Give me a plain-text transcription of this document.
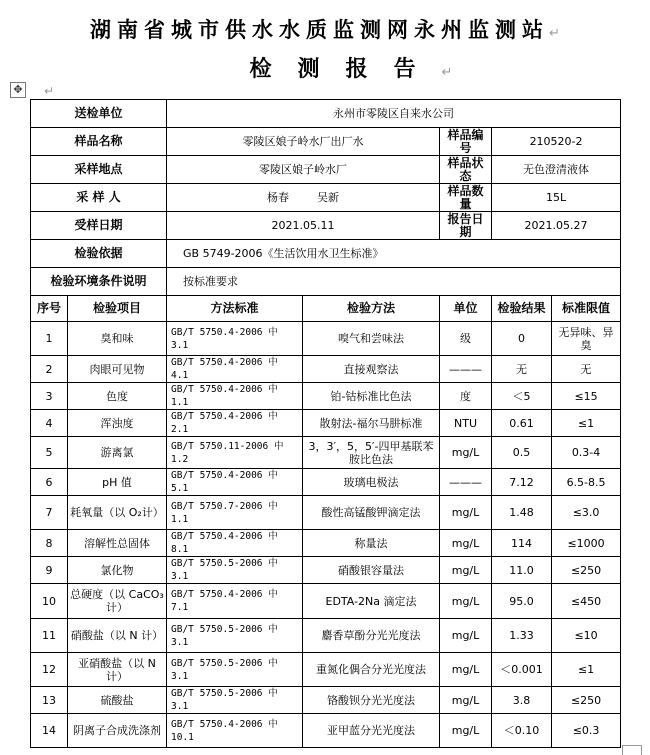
湖南省城市供水水质监测网永州监测站↵
检测报告↵
✥ ↵
送检单位		永州市零陵区自来水公司				
样品名称		零陵区娘子岭水厂出厂水		样品编号	210520-2	
采样地点		零陵区娘子岭水厂		样品状态	无色澄清液体	
采 样 人		杨春        吴新		样品数量	15L	
受样日期		2021.05.11		报告日期	2021.05.27	
检验依据		GB 5749-2006《生活饮用水卫生标准》				
检验环境条件说明		按标准要求				
序号	检验项目	方法标准	检验方法	单位	检验结果	标准限值
1	臭和味	GB/T 5750.4-2006 中 3.1	嗅气和尝味法	级	0	无异味、异臭
2	肉眼可见物	GB/T 5750.4-2006 中 4.1	直接观察法	———	无	无
3	色度	GB/T 5750.4-2006 中 1.1	铂-钴标准比色法	度	＜5	≤15
4	浑浊度	GB/T 5750.4-2006 中 2.1	散射法-福尔马肼标准	NTU	0.61	≤1
5	游离氯	GB/T 5750.11-2006 中 1.2	3，3′，5，5′-四甲基联苯胺比色法	mg/L	0.5	0.3-4
6	pH 值	GB/T 5750.4-2006 中 5.1	玻璃电极法	———	7.12	6.5-8.5
7	耗氧量（以 O₂计）	GB/T 5750.7-2006 中 1.1	酸性高锰酸钾滴定法	mg/L	1.48	≤3.0
8	溶解性总固体	GB/T 5750.4-2006 中 8.1	称量法	mg/L	114	≤1000
9	氯化物	GB/T 5750.5-2006 中 3.1	硝酸银容量法	mg/L	11.0	≤250
10	总硬度（以 CaCO₃计）	GB/T 5750.4-2006 中 7.1	EDTA-2Na 滴定法	mg/L	95.0	≤450
11	硝酸盐（以 N 计）	GB/T 5750.5-2006 中 3.1	麝香草酚分光光度法	mg/L	1.33	≤10
12	亚硝酸盐（以 N 计）	GB/T 5750.5-2006 中 3.1	重氮化偶合分光光度法	mg/L	＜0.001	≤1
13	硫酸盐	GB/T 5750.5-2006 中 3.1	铬酸钡分光光度法	mg/L	3.8	≤250
14	阴离子合成洗涤剂	GB/T 5750.4-2006 中 10.1	亚甲蓝分光光度法	mg/L	＜0.10	≤0.3
